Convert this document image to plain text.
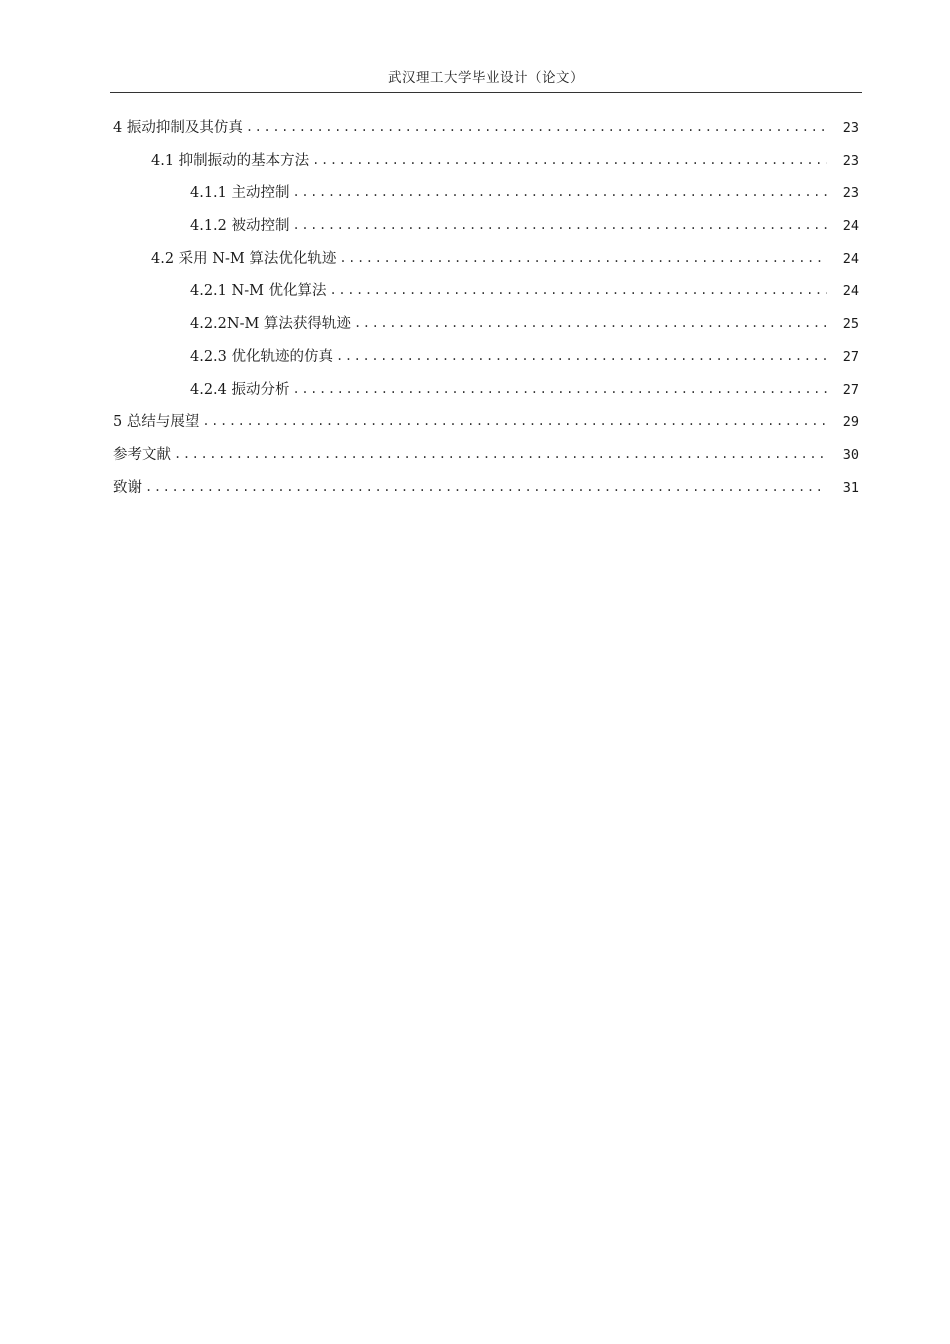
武汉理工大学毕业设计（论文）
4 振动抑制及其仿真 .....	23
4.1 抑制振动的基本方法 .....	23
4.1.1 主动控制 .....	23
4.1.2 被动控制 .....	24
4.2 采用 N-M 算法优化轨迹 .....	24
4.2.1 N-M 优化算法 .....	24
4.2.2N-M 算法获得轨迹 .....	25
4.2.3 优化轨迹的仿真 .....	27
4.2.4 振动分析 .....	27
5 总结与展望 .....	29
参考文献 .....	30
致谢 .....	31
